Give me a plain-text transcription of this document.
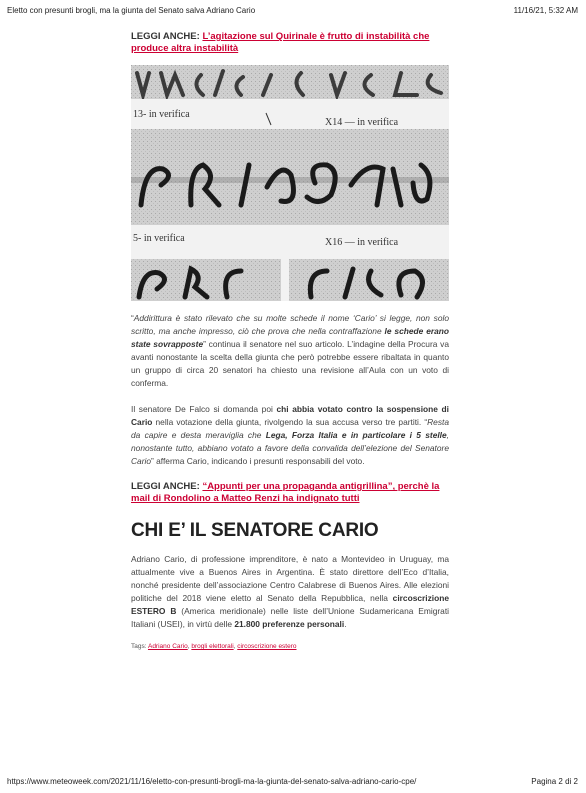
Eletto con presunti brogli, ma la giunta del Senato salva Adriano Cario	11/16/21, 5:32 AM
LEGGI ANCHE: L’agitazione sul Quirinale è frutto di instabilità che produce altra instabilità
13- in verifica
X14 — in verifica
5- in verifica	X16 — in verifica

“Addirittura è stato rilevato che su molte schede il nome ‘Cario’ si legge, non solo scritto, ma anche impresso, ciò che prova che nella contraffazione le schede erano state sovrapposte” continua il senatore nel suo articolo. L’indagine della Procura va avanti nonostante la scelta della giunta che però potrebbe essere ribaltata in quanto un gruppo di circa 20 senatori ha chiesto una revisione all’Aula con un voto di conferma.

Il senatore De Falco si domanda poi chi abbia votato contro la sospensione di Cario nella votazione della giunta, rivolgendo la sua accusa verso tre partiti. “Resta da capire e desta meraviglia che Lega, Forza Italia e in particolare i 5 stelle, nonostante tutto, abbiano votato a favore della convalida dell’elezione del Senatore Cario” afferma Cario, indicando i presunti responsabili del voto.

LEGGI ANCHE: “Appunti per una propaganda antigrillina”, perchè la mail di Rondolino a Matteo Renzi ha indignato tutti
CHI E’ IL SENATORE CARIO

Adriano Cario, di professione imprenditore, è nato a Montevideo in Uruguay, ma attualmente vive a Buenos Aires in Argentina. È stato direttore dell’Eco d’Italia, nonché presidente dell’associazione Centro Calabrese di Buenos Aires. Alle elezioni politiche del 2018 viene eletto al Senato della Repubblica, nella circoscrizione ESTERO B (America meridionale) nelle liste dell’Unione Sudamericana Emigrati Italiani (USEI), in virtù delle 21.800 preferenze personali.

Tags: Adriano Cario, brogli elettorali, circoscrizione estero
https://www.meteoweek.com/2021/11/16/eletto-con-presunti-brogli-ma-la-giunta-del-senato-salva-adriano-cario-cpe/	Pagina 2 di 2
